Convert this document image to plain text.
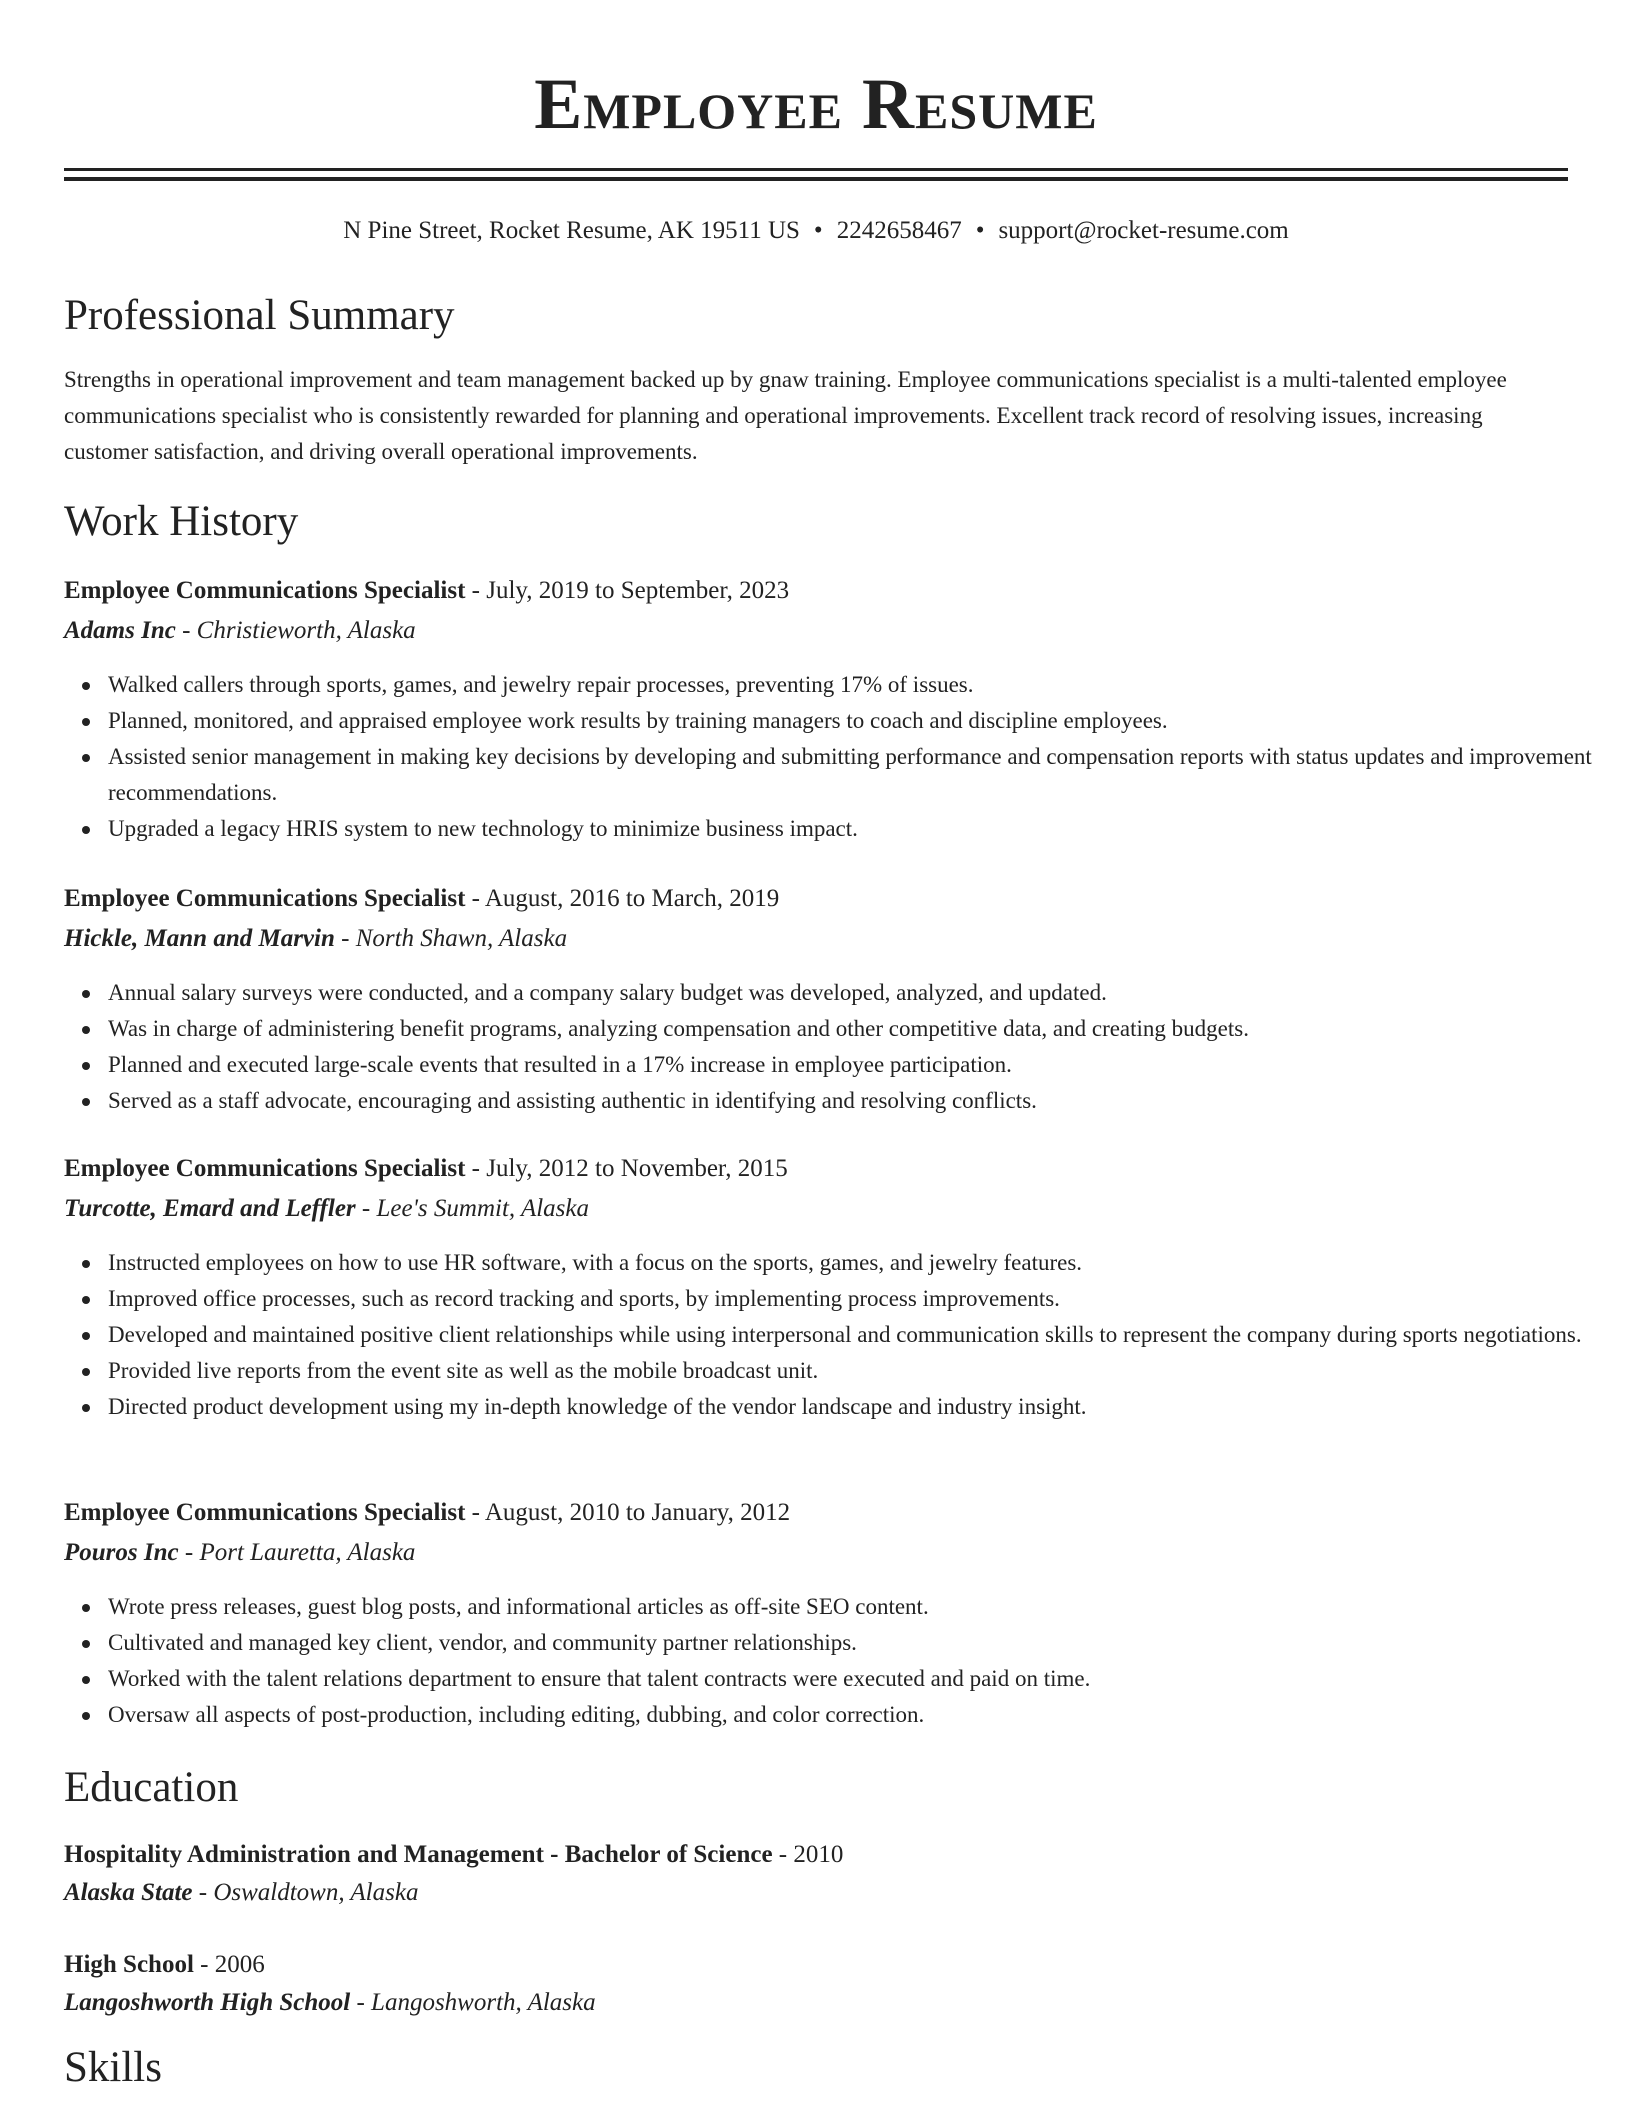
Employee Resume
N Pine Street, Rocket Resume, AK 19511 US • 2242658467 • support@rocket-resume.com
Professional Summary

Strengths in operational improvement and team management backed up by gnaw training. Employee communications specialist is a multi-talented employee communications specialist who is consistently rewarded for planning and operational improvements. Excellent track record of resolving issues, increasing customer satisfaction, and driving overall operational improvements.

Work History
Employee Communications Specialist - July, 2019 to September, 2023
Adams Inc - Christieworth, Alaska
Walked callers through sports, games, and jewelry repair processes, preventing 17% of issues.
Planned, monitored, and appraised employee work results by training managers to coach and discipline employees.
Assisted senior management in making key decisions by developing and submitting performance and compensation reports with status updates and improvement recommendations.
Upgraded a legacy HRIS system to new technology to minimize business impact.
Employee Communications Specialist - August, 2016 to March, 2019
Hickle, Mann and Marvin - North Shawn, Alaska
Annual salary surveys were conducted, and a company salary budget was developed, analyzed, and updated.
Was in charge of administering benefit programs, analyzing compensation and other competitive data, and creating budgets.
Planned and executed large-scale events that resulted in a 17% increase in employee participation.
Served as a staff advocate, encouraging and assisting authentic in identifying and resolving conflicts.
Employee Communications Specialist - July, 2012 to November, 2015
Turcotte, Emard and Leffler - Lee's Summit, Alaska
Instructed employees on how to use HR software, with a focus on the sports, games, and jewelry features.
Improved office processes, such as record tracking and sports, by implementing process improvements.
Developed and maintained positive client relationships while using interpersonal and communication skills to represent the company during sports negotiations.
Provided live reports from the event site as well as the mobile broadcast unit.
Directed product development using my in-depth knowledge of the vendor landscape and industry insight.
Employee Communications Specialist - August, 2010 to January, 2012
Pouros Inc - Port Lauretta, Alaska
Wrote press releases, guest blog posts, and informational articles as off-site SEO content.
Cultivated and managed key client, vendor, and community partner relationships.
Worked with the talent relations department to ensure that talent contracts were executed and paid on time.
Oversaw all aspects of post-production, including editing, dubbing, and color correction.
Education
Hospitality Administration and Management - Bachelor of Science - 2010
Alaska State - Oswaldtown, Alaska
High School - 2006
Langoshworth High School - Langoshworth, Alaska
Skills
